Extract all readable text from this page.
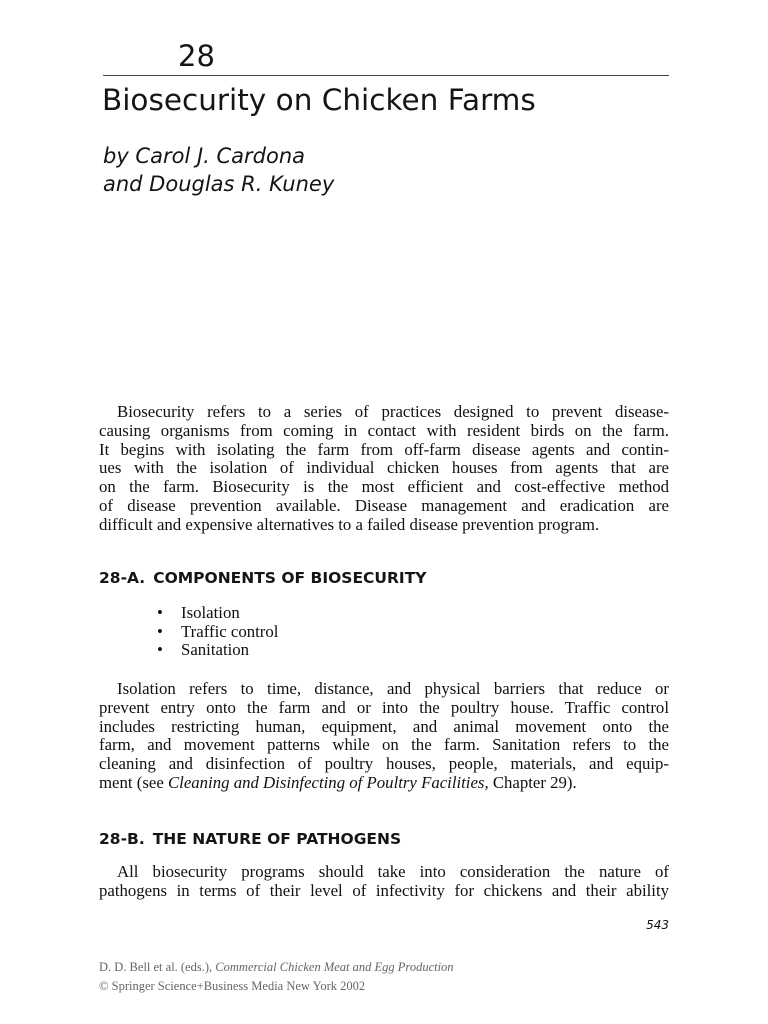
28
Biosecurity on Chicken Farms
by Carol J. Cardona
and Douglas R. Kuney
Biosecurity refers to a series of practices designed to prevent disease-
causing organisms from coming in contact with resident birds on the farm.
It begins with isolating the farm from off-farm disease agents and contin-
ues with the isolation of individual chicken houses from agents that are
on the farm. Biosecurity is the most efficient and cost-effective method
of disease prevention available. Disease management and eradication are
difficult and expensive alternatives to a failed disease prevention program.
28-A. COMPONENTS OF BIOSECURITY
• Isolation
• Traffic control
• Sanitation
Isolation refers to time, distance, and physical barriers that reduce or
prevent entry onto the farm and or into the poultry house. Traffic control
includes restricting human, equipment, and animal movement onto the
farm, and movement patterns while on the farm. Sanitation refers to the
cleaning and disinfection of poultry houses, people, materials, and equip-
ment (see Cleaning and Disinfecting of Poultry Facilities, Chapter 29).
28-B. THE NATURE OF PATHOGENS
All biosecurity programs should take into consideration the nature of
pathogens in terms of their level of infectivity for chickens and their ability
543
D. D. Bell et al. (eds.), Commercial Chicken Meat and Egg Production
© Springer Science+Business Media New York 2002
